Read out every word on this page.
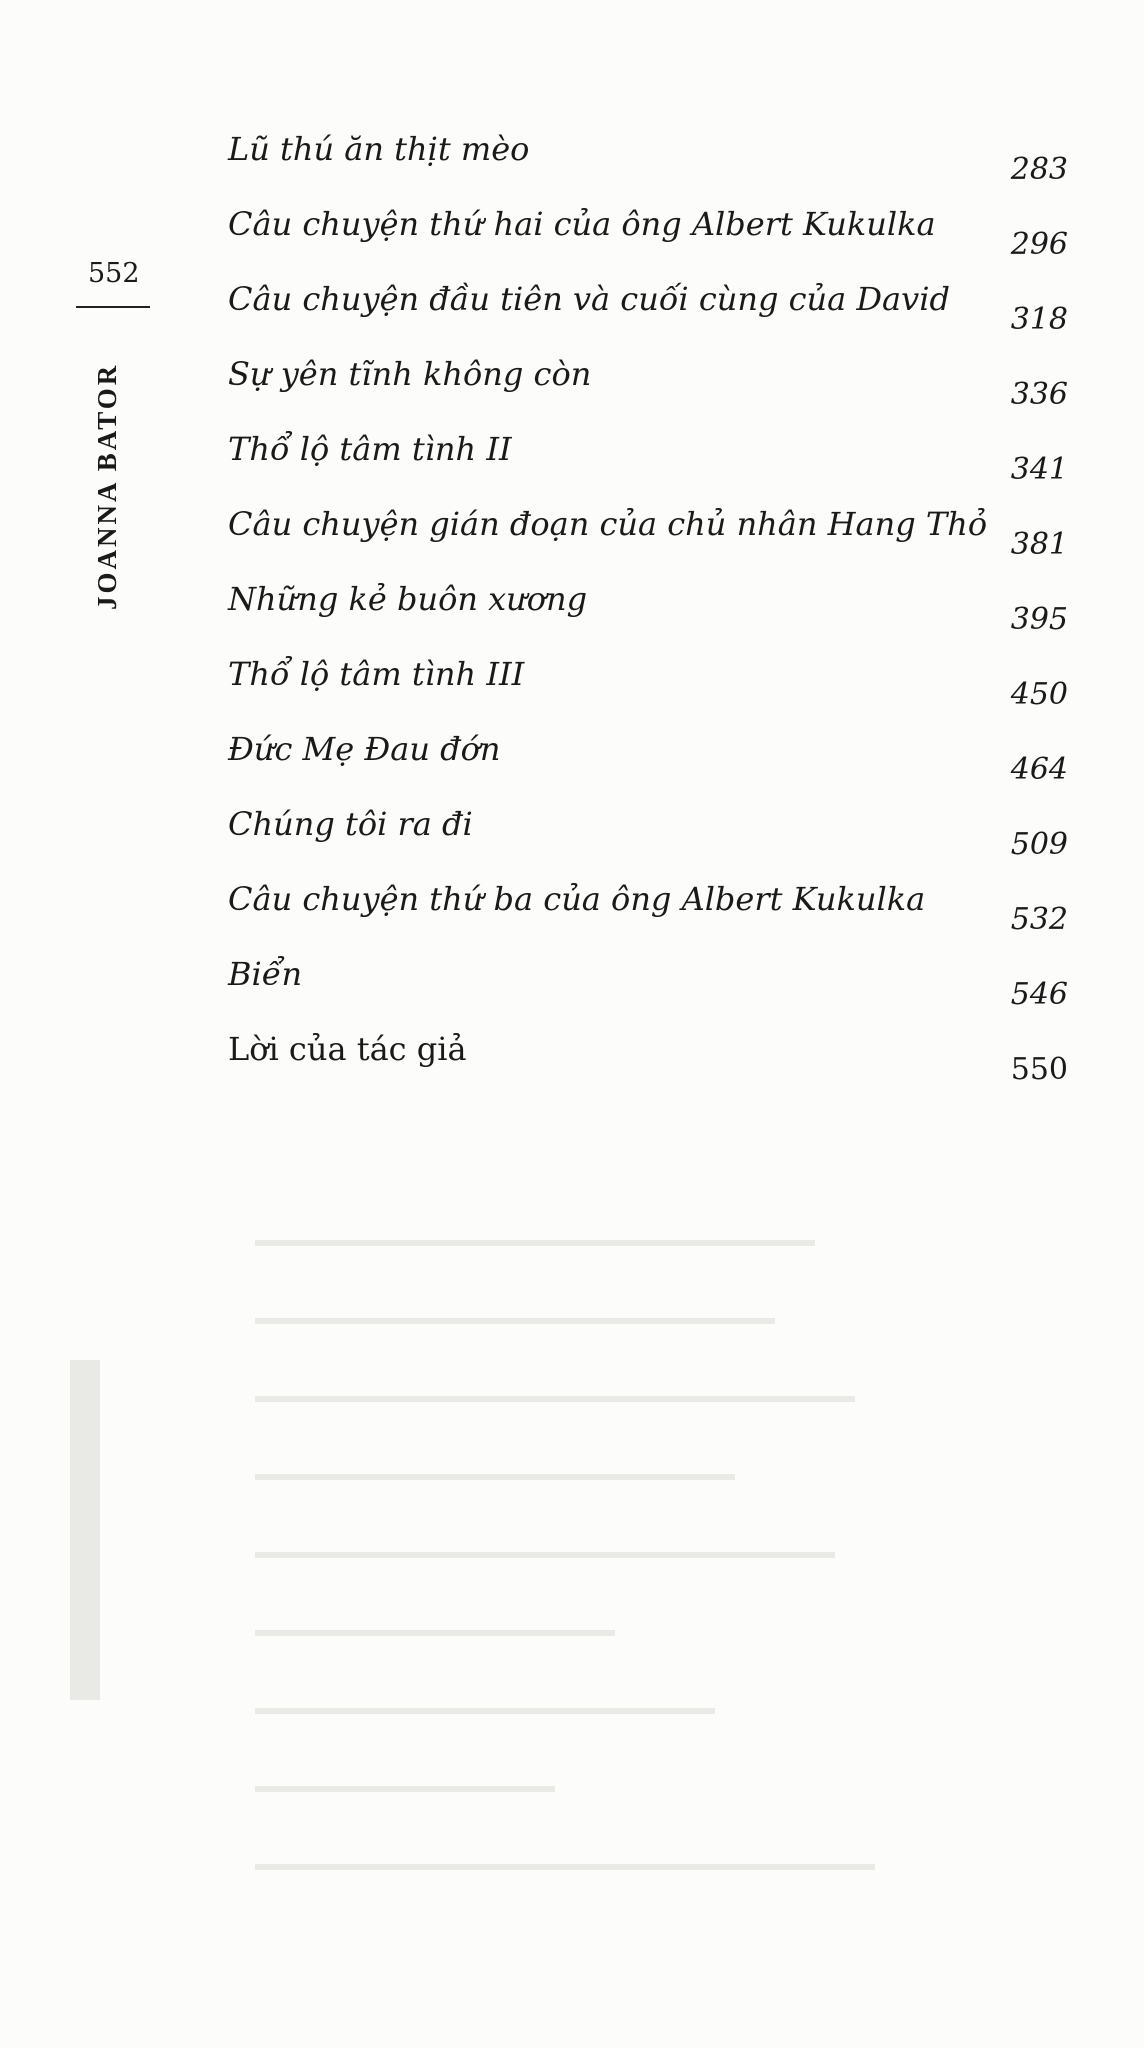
552
JOANNA BATOR
Lũ thú ăn thịt mèo
283
Câu chuyện thứ hai của ông Albert Kukulka
296
Câu chuyện đầu tiên và cuối cùng của David
318
Sự yên tĩnh không còn
336
Thổ lộ tâm tình II
341
Câu chuyện gián đoạn của chủ nhân Hang Thỏ
381
Những kẻ buôn xương
395
Thổ lộ tâm tình III
450
Đức Mẹ Đau đớn
464
Chúng tôi ra đi
509
Câu chuyện thứ ba của ông Albert Kukulka
532
Biển
546
Lời của tác giả
550
